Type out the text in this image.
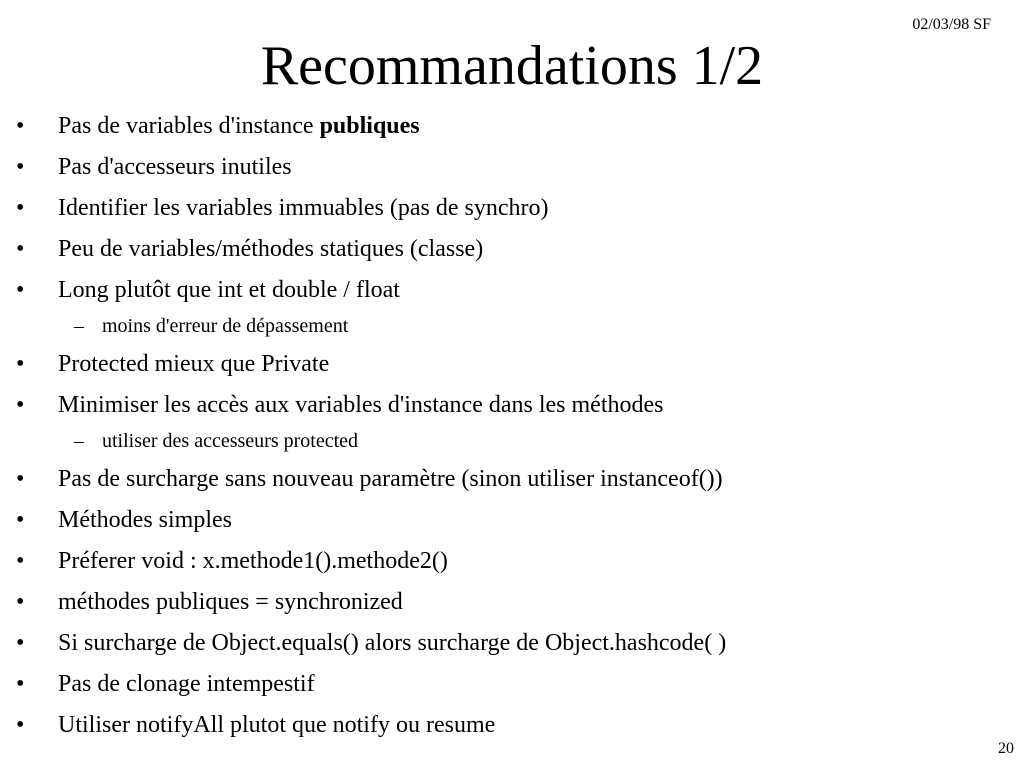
02/03/98 SF
Recommandations 1/2
• Pas de variables d'instance publiques
• Pas d'accesseurs inutiles
• Identifier les variables immuables (pas de synchro)
• Peu de variables/méthodes statiques (classe)
• Long plutôt que int et double / float
– moins d'erreur de dépassement
• Protected mieux que Private
• Minimiser les accès aux variables d'instance dans les méthodes
– utiliser des accesseurs protected
• Pas de surcharge sans nouveau paramètre (sinon utiliser instanceof())
• Méthodes simples
• Préferer void : x.methode1().methode2()
• méthodes publiques = synchronized
• Si surcharge de Object.equals() alors surcharge de Object.hashcode( )
• Pas de clonage intempestif
• Utiliser notifyAll plutot que notify ou resume
20
